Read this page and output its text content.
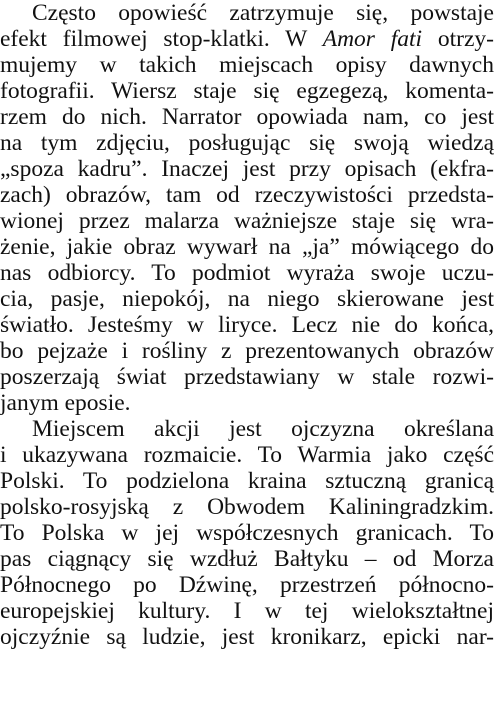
Często opowieść zatrzymuje się, powstaje
efekt filmowej stop-klatki. W Amor fati otrzy-
mujemy w takich miejscach opisy dawnych
fotografii. Wiersz staje się egzegezą, komenta-
rzem do nich. Narrator opowiada nam, co jest
na tym zdjęciu, posługując się swoją wiedzą
„spoza kadru”. Inaczej jest przy opisach (ekfra-
zach) obrazów, tam od rzeczywistości przedsta-
wionej przez malarza ważniejsze staje się wra-
żenie, jakie obraz wywarł na „ja” mówiącego do
nas odbiorcy. To podmiot wyraża swoje uczu-
cia, pasje, niepokój, na niego skierowane jest
światło. Jesteśmy w liryce. Lecz nie do końca,
bo pejzaże i rośliny z prezentowanych obrazów
poszerzają świat przedstawiany w stale rozwi-
janym eposie.
Miejscem akcji jest ojczyzna określana
i ukazywana rozmaicie. To Warmia jako część
Polski. To podzielona kraina sztuczną granicą
polsko-rosyjską z Obwodem Kaliningradzkim.
To Polska w jej współczesnych granicach. To
pas ciągnący się wzdłuż Bałtyku – od Morza
Północnego po Dźwinę, przestrzeń północno-
europejskiej kultury. I w tej wielokształtnej
ojczyźnie są ludzie, jest kronikarz, epicki nar-
